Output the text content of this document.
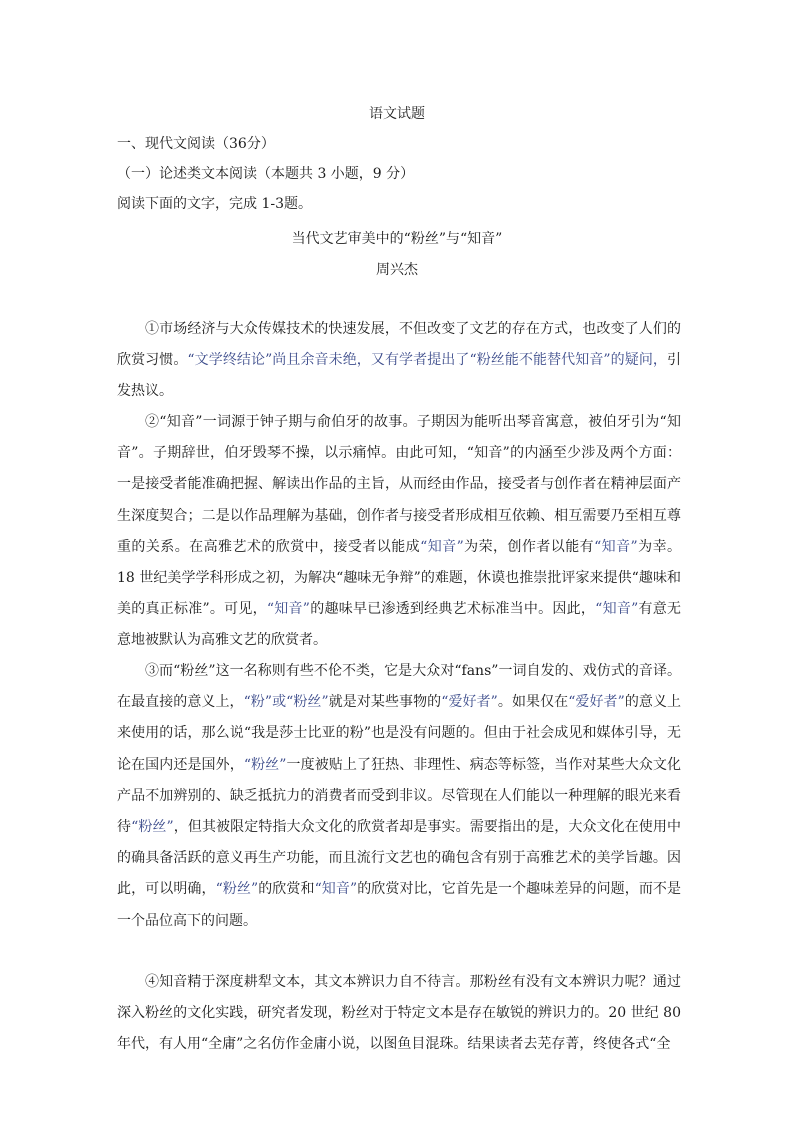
语文试题
一、现代文阅读（36分）
（一）论述类文本阅读（本题共 3 小题，9 分）
阅读下面的文字，完成 1-3题。
当代文艺审美中的“粉丝”与“知音”
周兴杰
①市场经济与大众传媒技术的快速发展，不但改变了文艺的存在方式，也改变了人们的欣赏习惯。“文学终结论”尚且余音未绝，又有学者提出了“粉丝能不能替代知音”的疑问，引发热议。
②“知音”一词源于钟子期与俞伯牙的故事。子期因为能听出琴音寓意，被伯牙引为“知音”。子期辞世，伯牙毁琴不操，以示痛悼。由此可知，“知音”的内涵至少涉及两个方面：一是接受者能准确把握、解读出作品的主旨，从而经由作品，接受者与创作者在精神层面产生深度契合；二是以作品理解为基础，创作者与接受者形成相互依赖、相互需要乃至相互尊重的关系。在高雅艺术的欣赏中，接受者以能成“知音”为荣，创作者以能有“知音”为幸。18 世纪美学学科形成之初，为解决“趣味无争辩”的难题，休谟也推崇批评家来提供“趣味和美的真正标准”。可见，“知音”的趣味早已渗透到经典艺术标准当中。因此，“知音”有意无意地被默认为高雅文艺的欣赏者。
③而“粉丝”这一名称则有些不伦不类，它是大众对“fans”一词自发的、戏仿式的音译。在最直接的意义上，“粉”或“粉丝”就是对某些事物的“爱好者”。如果仅在“爱好者”的意义上来使用的话，那么说“我是莎士比亚的粉”也是没有问题的。但由于社会成见和媒体引导，无论在国内还是国外，“粉丝”一度被贴上了狂热、非理性、病态等标签，当作对某些大众文化产品不加辨别的、缺乏抵抗力的消费者而受到非议。尽管现在人们能以一种理解的眼光来看待“粉丝”，但其被限定特指大众文化的欣赏者却是事实。需要指出的是，大众文化在使用中的确具备活跃的意义再生产功能，而且流行文艺也的确包含有别于高雅艺术的美学旨趣。因此，可以明确，“粉丝”的欣赏和“知音”的欣赏对比，它首先是一个趣味差异的问题，而不是一个品位高下的问题。
④知音精于深度耕犁文本，其文本辨识力自不待言。那粉丝有没有文本辨识力呢？通过深入粉丝的文化实践，研究者发现，粉丝对于特定文本是存在敏锐的辨识力的。20 世纪 80 年代，有人用“全庸”之名仿作金庸小说，以图鱼目混珠。结果读者去芜存菁，终使各式“全
